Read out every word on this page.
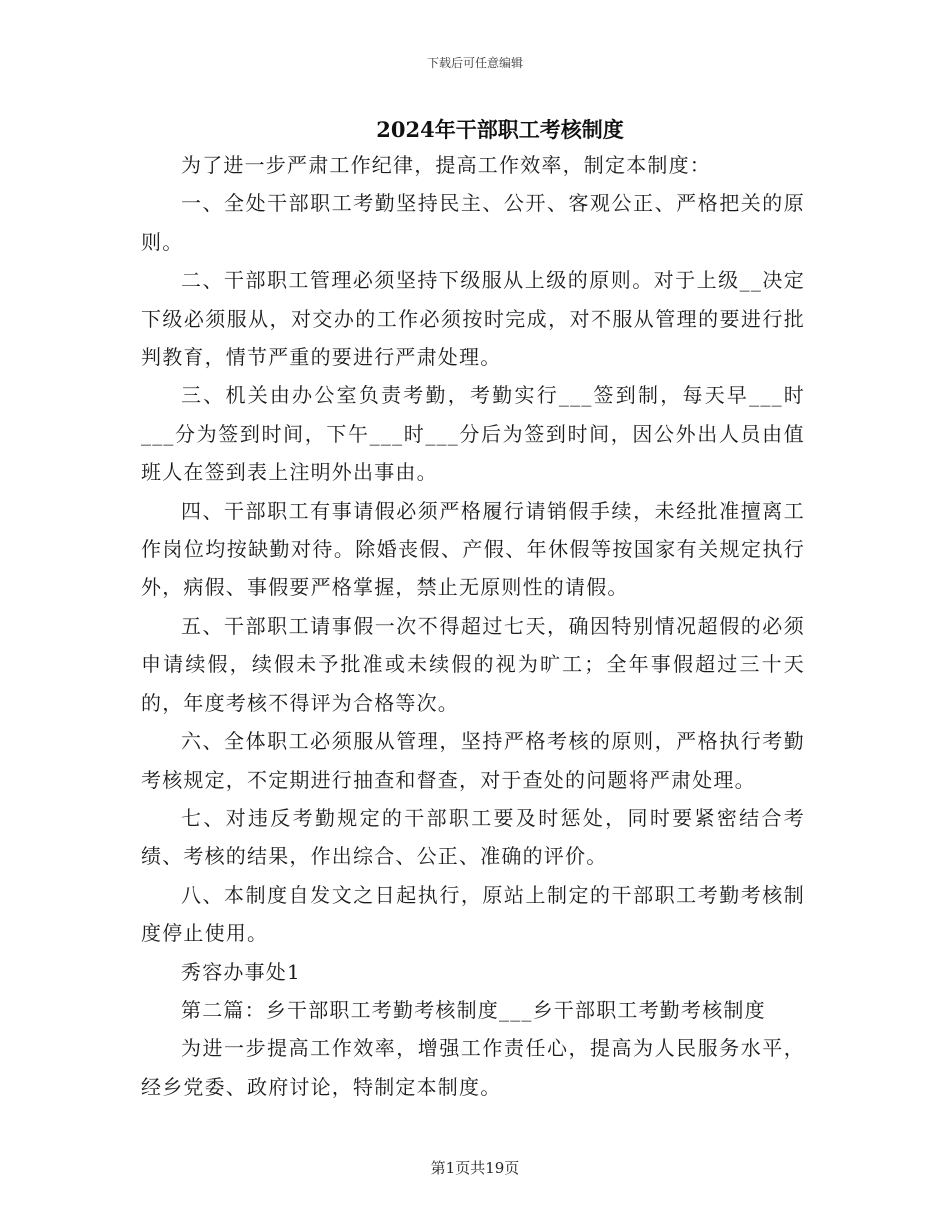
下载后可任意编辑
2024年干部职工考核制度

为了进一步严肃工作纪律，提高工作效率，制定本制度：

一、全处干部职工考勤坚持民主、公开、客观公正、严格把关的原则。

二、干部职工管理必须坚持下级服从上级的原则。对于上级__决定下级必须服从，对交办的工作必须按时完成，对不服从管理的要进行批判教育，情节严重的要进行严肃处理。

三、机关由办公室负责考勤，考勤实行___签到制，每天早___时___分为签到时间，下午___时___分后为签到时间，因公外出人员由值班人在签到表上注明外出事由。

四、干部职工有事请假必须严格履行请销假手续，未经批准擅离工作岗位均按缺勤对待。除婚丧假、产假、年休假等按国家有关规定执行外，病假、事假要严格掌握，禁止无原则性的请假。

五、干部职工请事假一次不得超过七天，确因特别情况超假的必须申请续假，续假未予批准或未续假的视为旷工；全年事假超过三十天的，年度考核不得评为合格等次。

六、全体职工必须服从管理，坚持严格考核的原则，严格执行考勤考核规定，不定期进行抽查和督查，对于查处的问题将严肃处理。

七、对违反考勤规定的干部职工要及时惩处，同时要紧密结合考绩、考核的结果，作出综合、公正、准确的评价。

八、本制度自发文之日起执行，原站上制定的干部职工考勤考核制度停止使用。

秀容办事处1

第二篇：乡干部职工考勤考核制度___乡干部职工考勤考核制度

为进一步提高工作效率，增强工作责任心，提高为人民服务水平，经乡党委、政府讨论，特制定本制度。

第1页共19页
